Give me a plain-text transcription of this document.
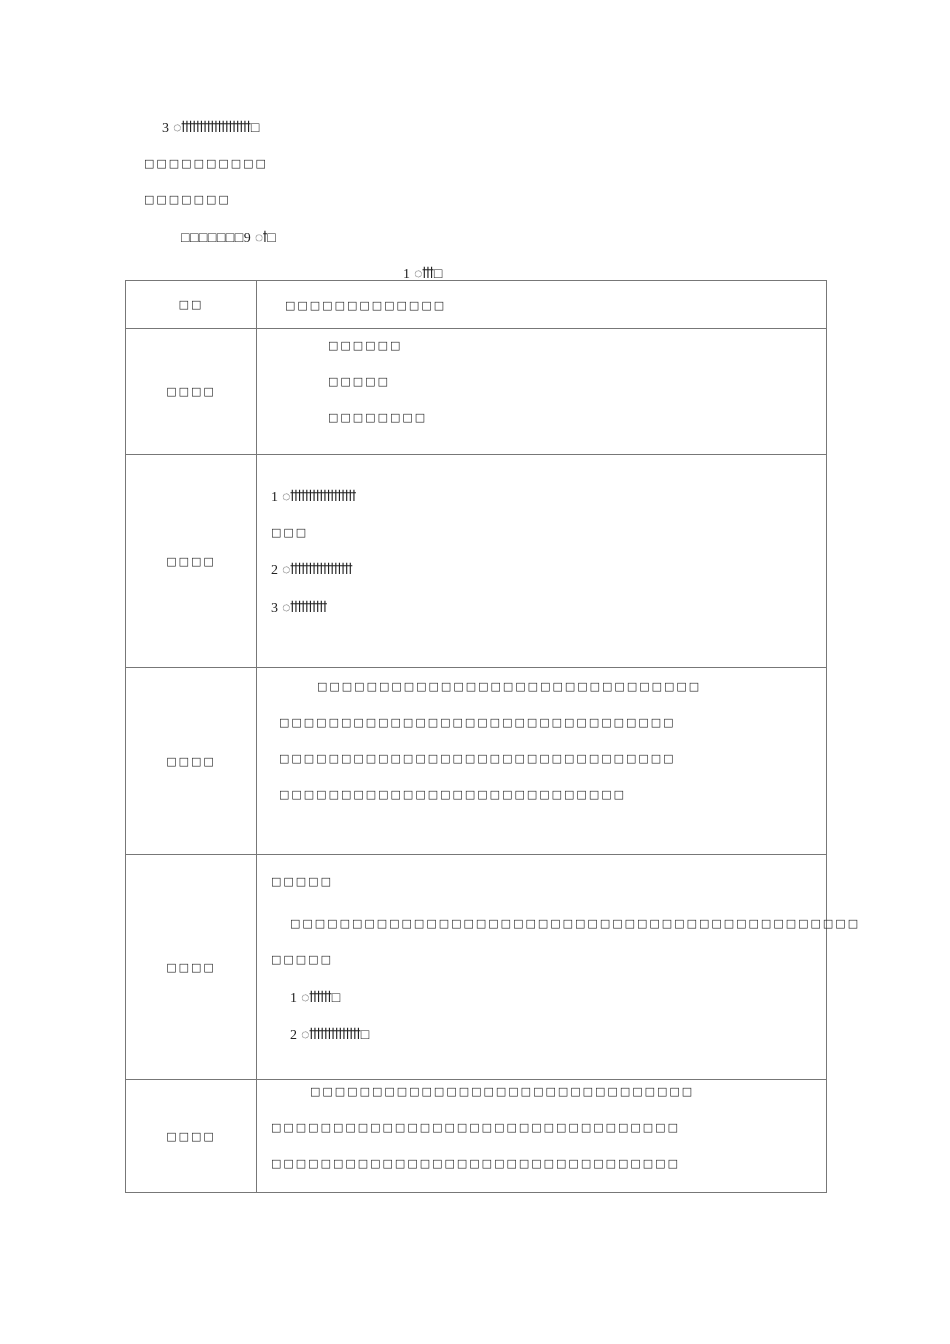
3 ऻऻऻऻऻऻऻऻऻऻऻऻऻऻऻऻऻऻऻ□
□□□□□□□□□□
□□□□□□□
□□□□□□□9 ऻ□
1 ऻऻऻ□
□□	□□□□□□□□□□□□□

□□□□	□□□□□□
□□□□□
□□□□□□□□

□□□□	1 ऻऻऻऻऻऻऻऻऻऻऻऻऻऻऻऻऻऻ
□□□
2 ऻऻऻऻऻऻऻऻऻऻऻऻऻऻऻऻऻ
3 ऻऻऻऻऻऻऻऻऻऻ

□□□□	□□□□□□□□□□□□□□□□□□□□□□□□□□□□□□□
□□□□□□□□□□□□□□□□□□□□□□□□□□□□□□□□
□□□□□□□□□□□□□□□□□□□□□□□□□□□□□□□□
□□□□□□□□□□□□□□□□□□□□□□□□□□□□

□□□□	□□□□□
□□□□□□□□□□□□□□□□□□□□□□□□□□□□□□□□□□□□□□□□□□□□□□
□□□□□
1 ऻऻऻऻऻऻ□
2 ऻऻऻऻऻऻऻऻऻऻऻऻऻऻ□

□□□□	□□□□□□□□□□□□□□□□□□□□□□□□□□□□□□□
□□□□□□□□□□□□□□□□□□□□□□□□□□□□□□□□□
□□□□□□□□□□□□□□□□□□□□□□□□□□□□□□□□□
